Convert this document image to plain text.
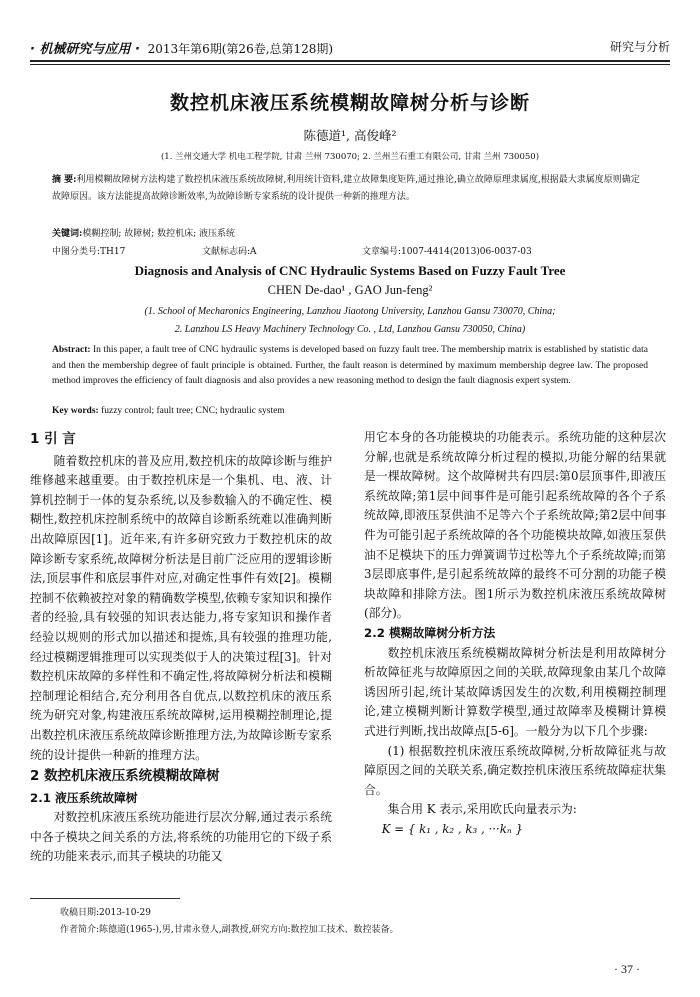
· 机械研究与应用 · 2013年第6期(第26卷,总第128期)	研究与分析
数控机床液压系统模糊故障树分析与诊断
陈德道¹, 高俊峰²
(1. 兰州交通大学 机电工程学院, 甘肃 兰州 730070; 2. 兰州兰石重工有限公司, 甘肃 兰州 730050)
摘 要:利用模糊故障树方法构建了数控机床液压系统故障树,利用统计资料,建立故障集度矩阵,通过推论,确立故障原理隶属度,根据最大隶属度原则确定故障原因。该方法能提高故障诊断效率,为故障诊断专家系统的设计提供一种新的推理方法。
关键词:模糊控制; 故障树; 数控机床; 液压系统
中图分类号:TH17	文献标志码:A	文章编号:1007-4414(2013)06-0037-03
Diagnosis and Analysis of CNC Hydraulic Systems Based on Fuzzy Fault Tree
CHEN De-dao¹ , GAO Jun-feng²
(1. School of Mecharonics Engineering, Lanzhou Jiaotong University, Lanzhou Gansu 730070, China;
2. Lanzhou LS Heavy Machinery Technology Co. , Ltd, Lanzhou Gansu 730050, China)
Abstract: In this paper, a fault tree of CNC hydraulic systems is developed based on fuzzy fault tree. The membership matrix is established by statistic data and then the membership degree of fault principle is obtained. Further, the fault reason is determined by maximum membership degree law. The proposed method improves the efficiency of fault diagnosis and also provides a new reasoning method to design the fault diagnosis expert system.
Key words: fuzzy control; fault tree; CNC; hydraulic system
1 引 言

随着数控机床的普及应用,数控机床的故障诊断与维护维修越来越重要。由于数控机床是一个集机、电、液、计算机控制于一体的复杂系统,以及参数输入的不确定性、模糊性,数控机床控制系统中的故障自诊断系统难以准确判断出故障原因[1]。近年来,有许多研究致力于数控机床的故障诊断专家系统,故障树分析法是目前广泛应用的逻辑诊断法,顶层事件和底层事件对应,对确定性事件有效[2]。模糊控制不依赖被控对象的精确数学模型,依赖专家知识和操作者的经验,具有较强的知识表达能力,将专家知识和操作者经验以规则的形式加以描述和提炼,具有较强的推理功能,经过模糊逻辑推理可以实现类似于人的决策过程[3]。针对数控机床故障的多样性和不确定性,将故障树分析法和模糊控制理论相结合,充分利用各自优点,以数控机床的液压系统为研究对象,构建液压系统故障树,运用模糊控制理论,提出数控机床液压系统故障诊断推理方法,为故障诊断专家系统的设计提供一种新的推理方法。

2 数控机床液压系统模糊故障树
2.1 液压系统故障树

对数控机床液压系统功能进行层次分解,通过表示系统中各子模块之间关系的方法,将系统的功能用它的下级子系统的功能来表示,而其子模块的功能又

用它本身的各功能模块的功能表示。系统功能的这种层次分解,也就是系统故障分析过程的模拟,功能分解的结果就是一棵故障树。这个故障树共有四层:第0层顶事件,即液压系统故障;第1层中间事件是可能引起系统故障的各个子系统故障,即液压泵供油不足等六个子系统故障;第2层中间事件为可能引起子系统故障的各个功能模块故障,如液压泵供油不足模块下的压力弹簧调节过松等九个子系统故障;而第3层即底事件,是引起系统故障的最终不可分割的功能子模块故障和排除方法。图1所示为数控机床液压系统故障树(部分)。

2.2 模糊故障树分析方法

数控机床液压系统模糊故障树分析法是利用故障树分析故障征兆与故障原因之间的关联,故障现象由某几个故障诱因所引起,统计某故障诱因发生的次数,利用模糊控制理论,建立模糊判断计算数学模型,通过故障率及模糊计算模式进行判断,找出故障点[5-6]。一般分为以下几个步骤:

(1) 根据数控机床液压系统故障树,分析故障征兆与故障原因之间的关联关系,确定数控机床液压系统故障症状集合。

集合用 K 表示,采用欧氏向量表示为:

K = { k₁ , k₂ , k₃ , ···kₙ }

收稿日期:2013-10-29
作者简介:陈德道(1965-),男,甘肃永登人,副教授,研究方向:数控加工技术、数控装备。
· 37 ·
